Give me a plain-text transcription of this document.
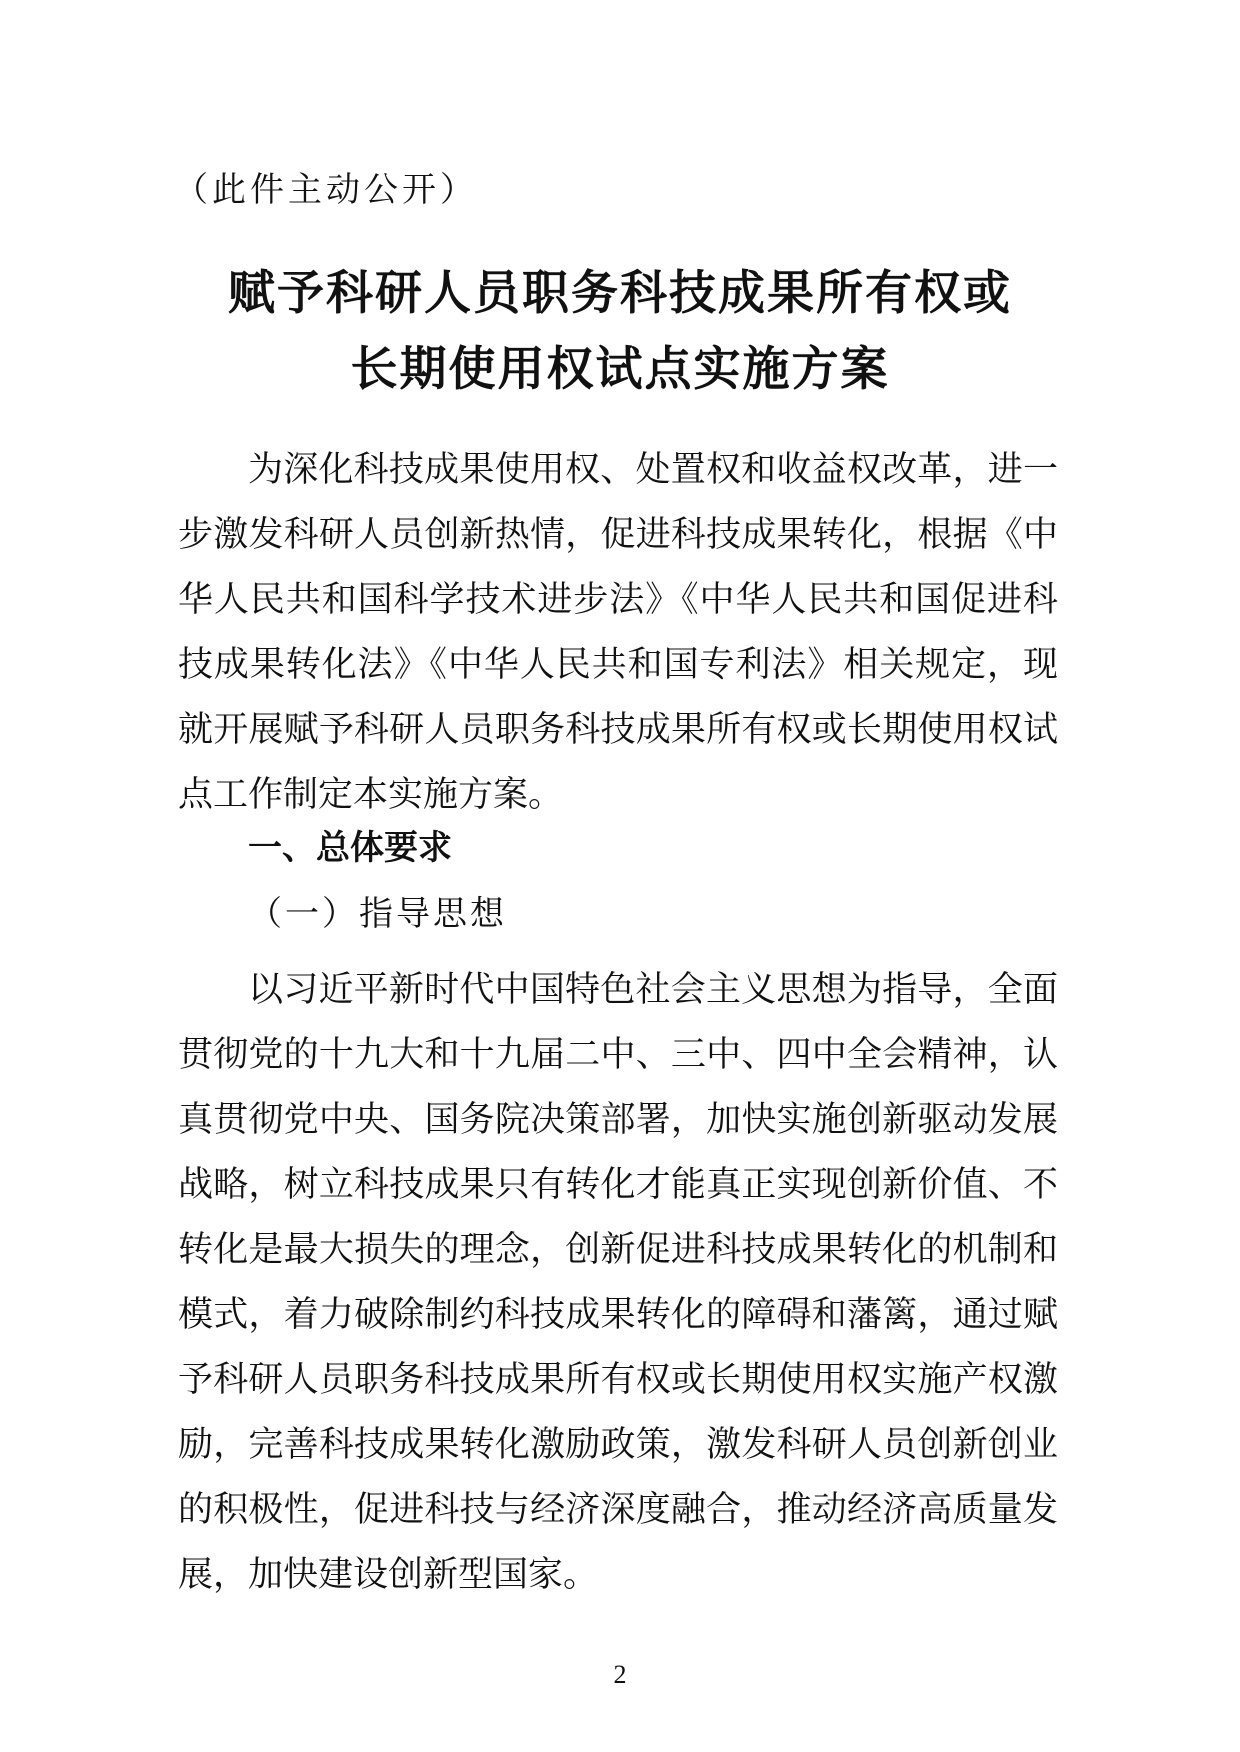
（此件主动公开）
赋予科研人员职务科技成果所有权或
长期使用权试点实施方案

为深化科技成果使用权、处置权和收益权改革，进一步激发科研人员创新热情，促进科技成果转化，根据《中华人民共和国科学技术进步法》《中华人民共和国促进科技成果转化法》《中华人民共和国专利法》相关规定，现就开展赋予科研人员职务科技成果所有权或长期使用权试点工作制定本实施方案。

一、总体要求
（一）指导思想

以习近平新时代中国特色社会主义思想为指导，全面贯彻党的十九大和十九届二中、三中、四中全会精神，认真贯彻党中央、国务院决策部署，加快实施创新驱动发展战略，树立科技成果只有转化才能真正实现创新价值、不转化是最大损失的理念，创新促进科技成果转化的机制和模式，着力破除制约科技成果转化的障碍和藩篱，通过赋予科研人员职务科技成果所有权或长期使用权实施产权激励，完善科技成果转化激励政策，激发科研人员创新创业的积极性，促进科技与经济深度融合，推动经济高质量发展，加快建设创新型国家。

2
